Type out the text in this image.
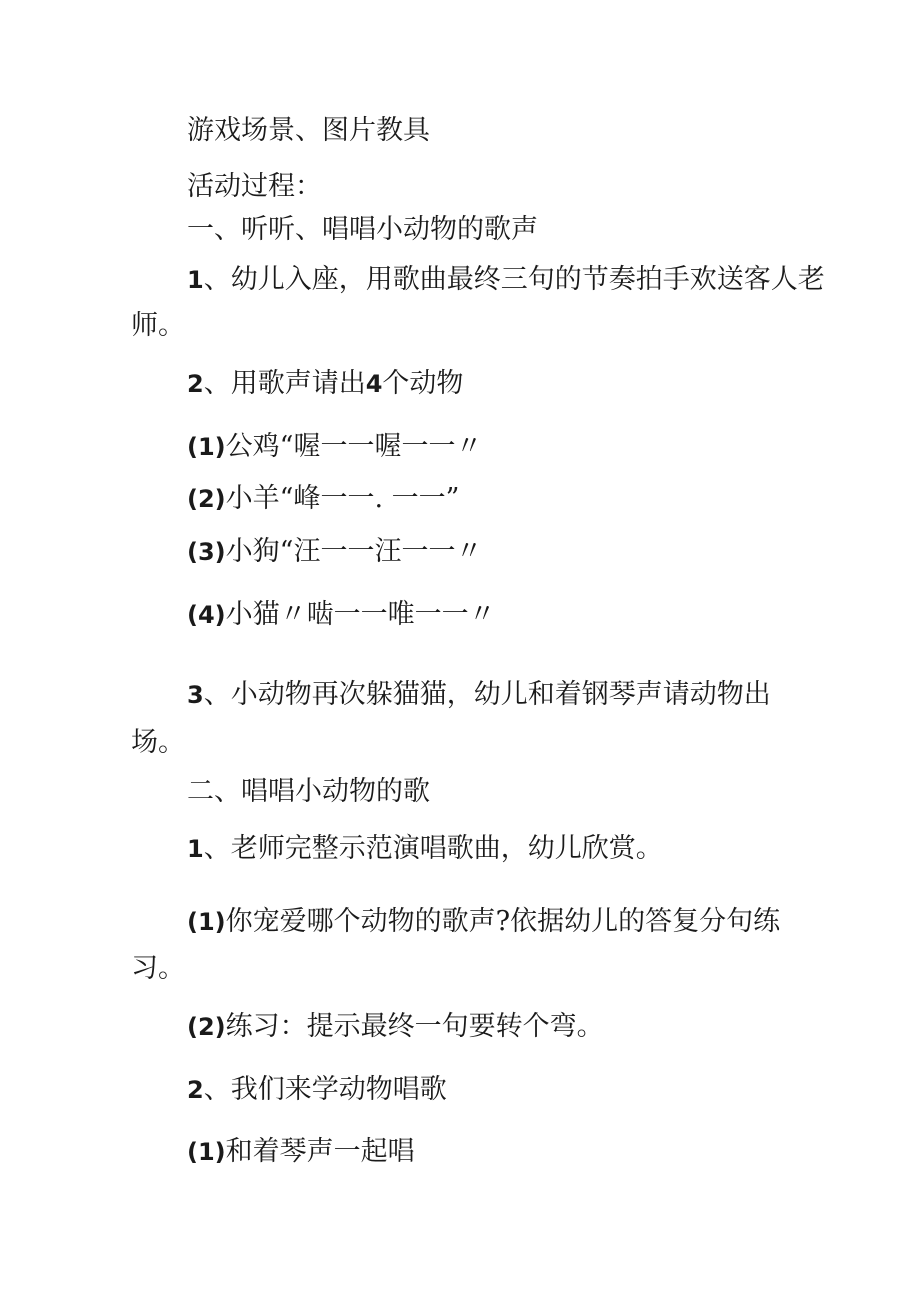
游戏场景、图片教具
活动过程：
一、听听、唱唱小动物的歌声
1、幼儿入座，用歌曲最终三句的节奏拍手欢送客人老
师。
2、用歌声请出4个动物
(1)公鸡“喔一一喔一一〃
(2)小羊“峰一一. 一一”
(3)小狗“汪一一汪一一〃
(4)小猫〃啮一一唯一一〃
3、小动物再次躲猫猫，幼儿和着钢琴声请动物出
场。
二、唱唱小动物的歌
1、老师完整示范演唱歌曲，幼儿欣赏。
(1)你宠爱哪个动物的歌声?依据幼儿的答复分句练
习。
(2)练习：提示最终一句要转个弯。
2、我们来学动物唱歌
(1)和着琴声一起唱
